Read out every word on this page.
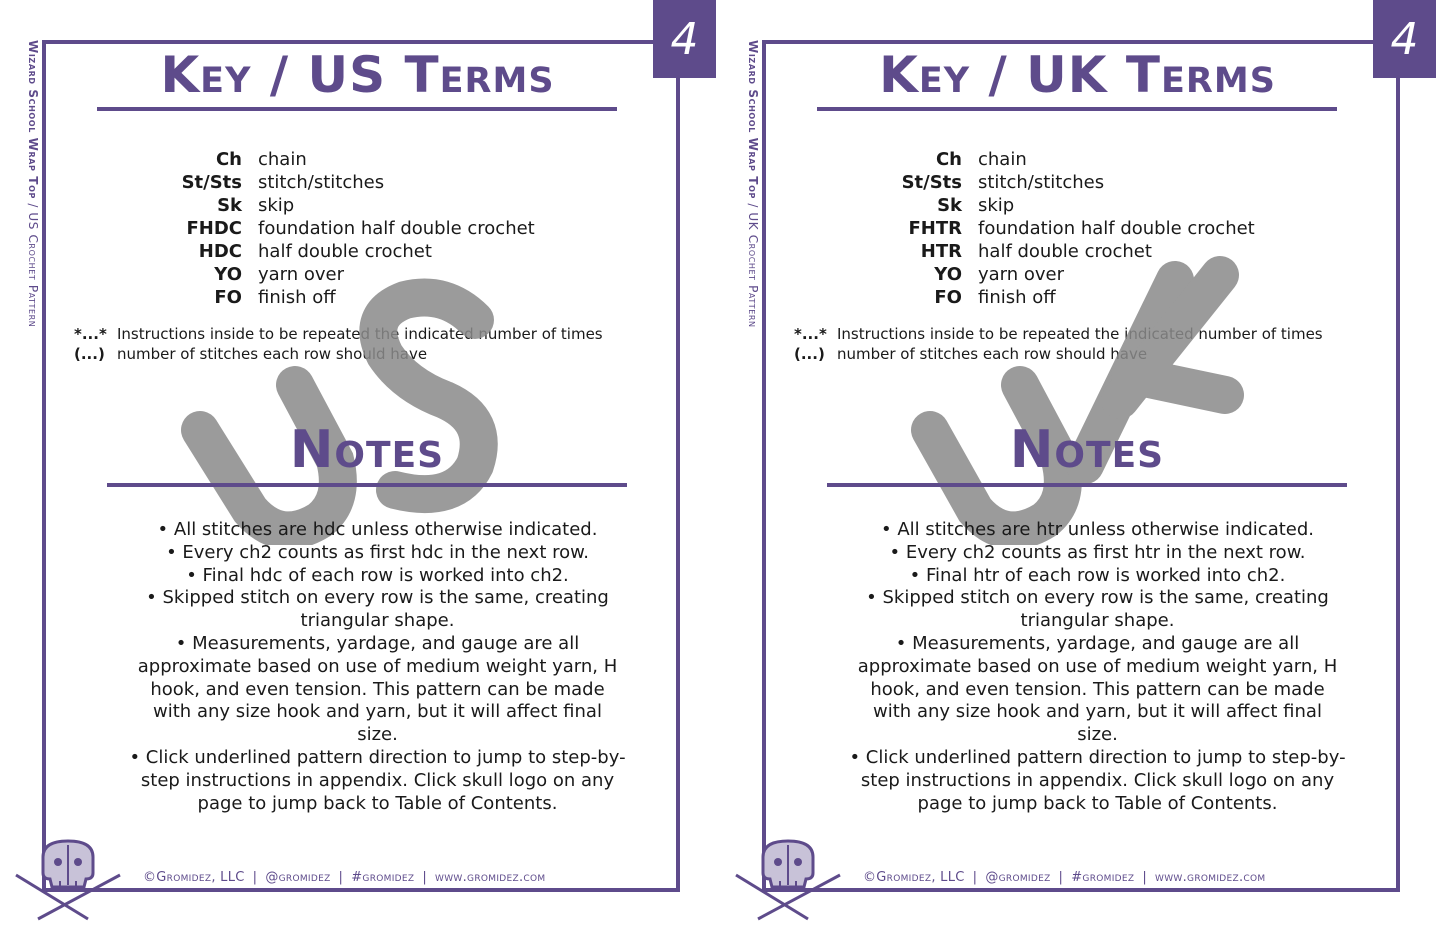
4
Wizard School Wrap Top / US Crochet Pattern
Key / US Terms
Ch chain
St/Sts stitch/stitches
Sk skip
FHDC foundation half double crochet
HDC half double crochet
YO yarn over
FO finish off
*...* Instructions inside to be repeated the indicated number of times
(...) number of stitches each row should have
Notes
• All stitches are hdc unless otherwise indicated.
• Every ch2 counts as first hdc in the next row.
• Final hdc of each row is worked into ch2.
• Skipped stitch on every row is the same, creating triangular shape.
• Measurements, yardage, and gauge are all approximate based on use of medium weight yarn, H hook, and even tension. This pattern can be made with any size hook and yarn, but it will affect final size.
• Click underlined pattern direction to jump to step-by-step instructions in appendix. Click skull logo on any page to jump back to Table of Contents.
©Gromidez, LLC | @gromidez | #gromidez | www.gromidez.com
4
Wizard School Wrap Top / UK Crochet Pattern
Key / UK Terms
Ch chain
St/Sts stitch/stitches
Sk skip
FHTR foundation half double crochet
HTR half double crochet
YO yarn over
FO finish off
*...* Instructions inside to be repeated the indicated number of times
(...) number of stitches each row should have
Notes
• All stitches are htr unless otherwise indicated.
• Every ch2 counts as first htr in the next row.
• Final htr of each row is worked into ch2.
• Skipped stitch on every row is the same, creating triangular shape.
• Measurements, yardage, and gauge are all approximate based on use of medium weight yarn, H hook, and even tension. This pattern can be made with any size hook and yarn, but it will affect final size.
• Click underlined pattern direction to jump to step-by-step instructions in appendix. Click skull logo on any page to jump back to Table of Contents.
©Gromidez, LLC | @gromidez | #gromidez | www.gromidez.com
